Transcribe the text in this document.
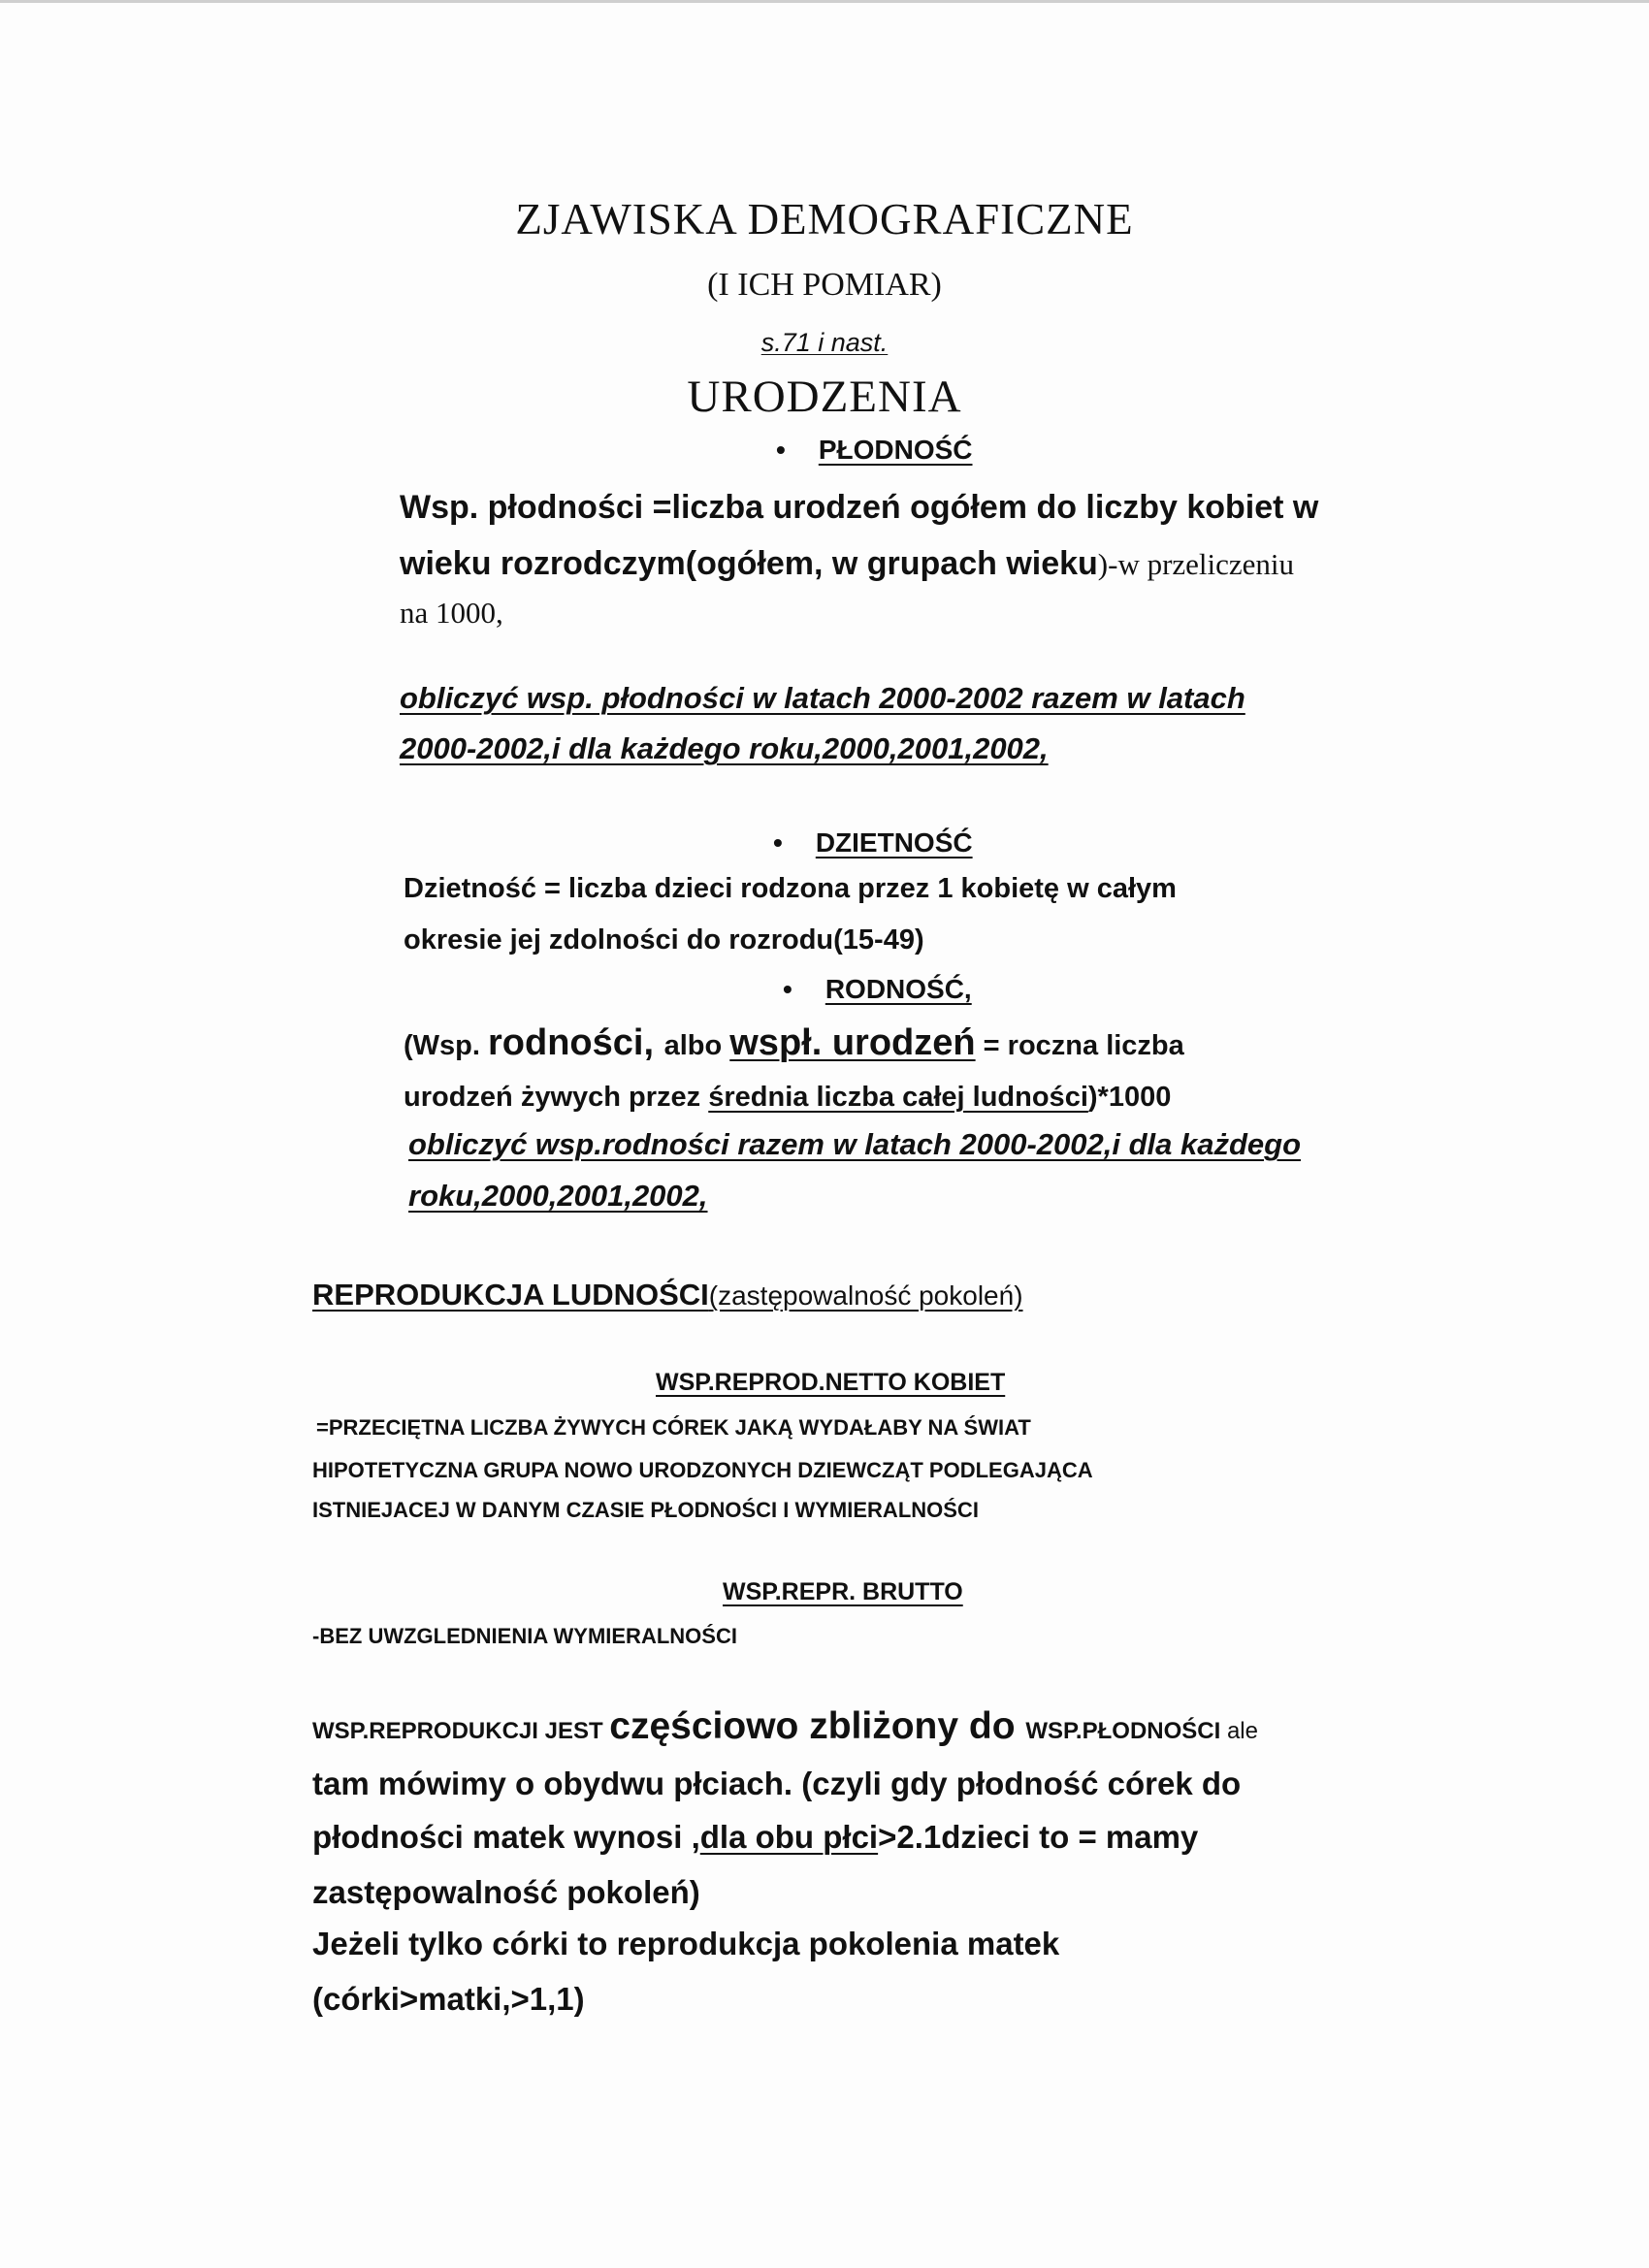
ZJAWISKA DEMOGRAFICZNE
(I ICH POMIAR)
s.71 i nast.
URODZENIA
• PŁODNOŚĆ
Wsp. płodności =liczba urodzeń ogółem do liczby kobiet w
wieku rozrodczym(ogółem, w grupach wieku)-w przeliczeniu
na 1000,
obliczyć wsp. płodności w latach 2000-2002 razem w latach
2000-2002,i dla każdego roku,2000,2001,2002,
• DZIETNOŚĆ
Dzietność = liczba dzieci rodzona przez 1 kobietę w całym
okresie jej zdolności do rozrodu(15-49)
• RODNOŚĆ,
(Wsp. rodności, albo wspł. urodzeń = roczna liczba
urodzeń żywych przez średnia liczba całej ludności)*1000
obliczyć wsp.rodności razem w latach 2000-2002,i dla każdego
roku,2000,2001,2002,
REPRODUKCJA LUDNOŚCI(zastępowalność pokoleń)
WSP.REPROD.NETTO KOBIET
=PRZECIĘTNA LICZBA ŻYWYCH CÓREK JAKĄ WYDAŁABY NA ŚWIAT
HIPOTETYCZNA GRUPA NOWO URODZONYCH DZIEWCZĄT PODLEGAJĄCA
ISTNIEJACEJ W DANYM CZASIE PŁODNOŚCI I WYMIERALNOŚCI
WSP.REPR. BRUTTO
-BEZ UWZGLEDNIENIA WYMIERALNOŚCI
WSP.REPRODUKCJI JEST częściowo zbliżony do WSP.PŁODNOŚCI ale
tam mówimy o obydwu płciach. (czyli gdy płodność córek do
płodności matek wynosi ,dla obu płci>2.1dzieci to = mamy
zastępowalność pokoleń)
Jeżeli tylko córki to reprodukcja pokolenia matek
(córki>matki,>1,1)
